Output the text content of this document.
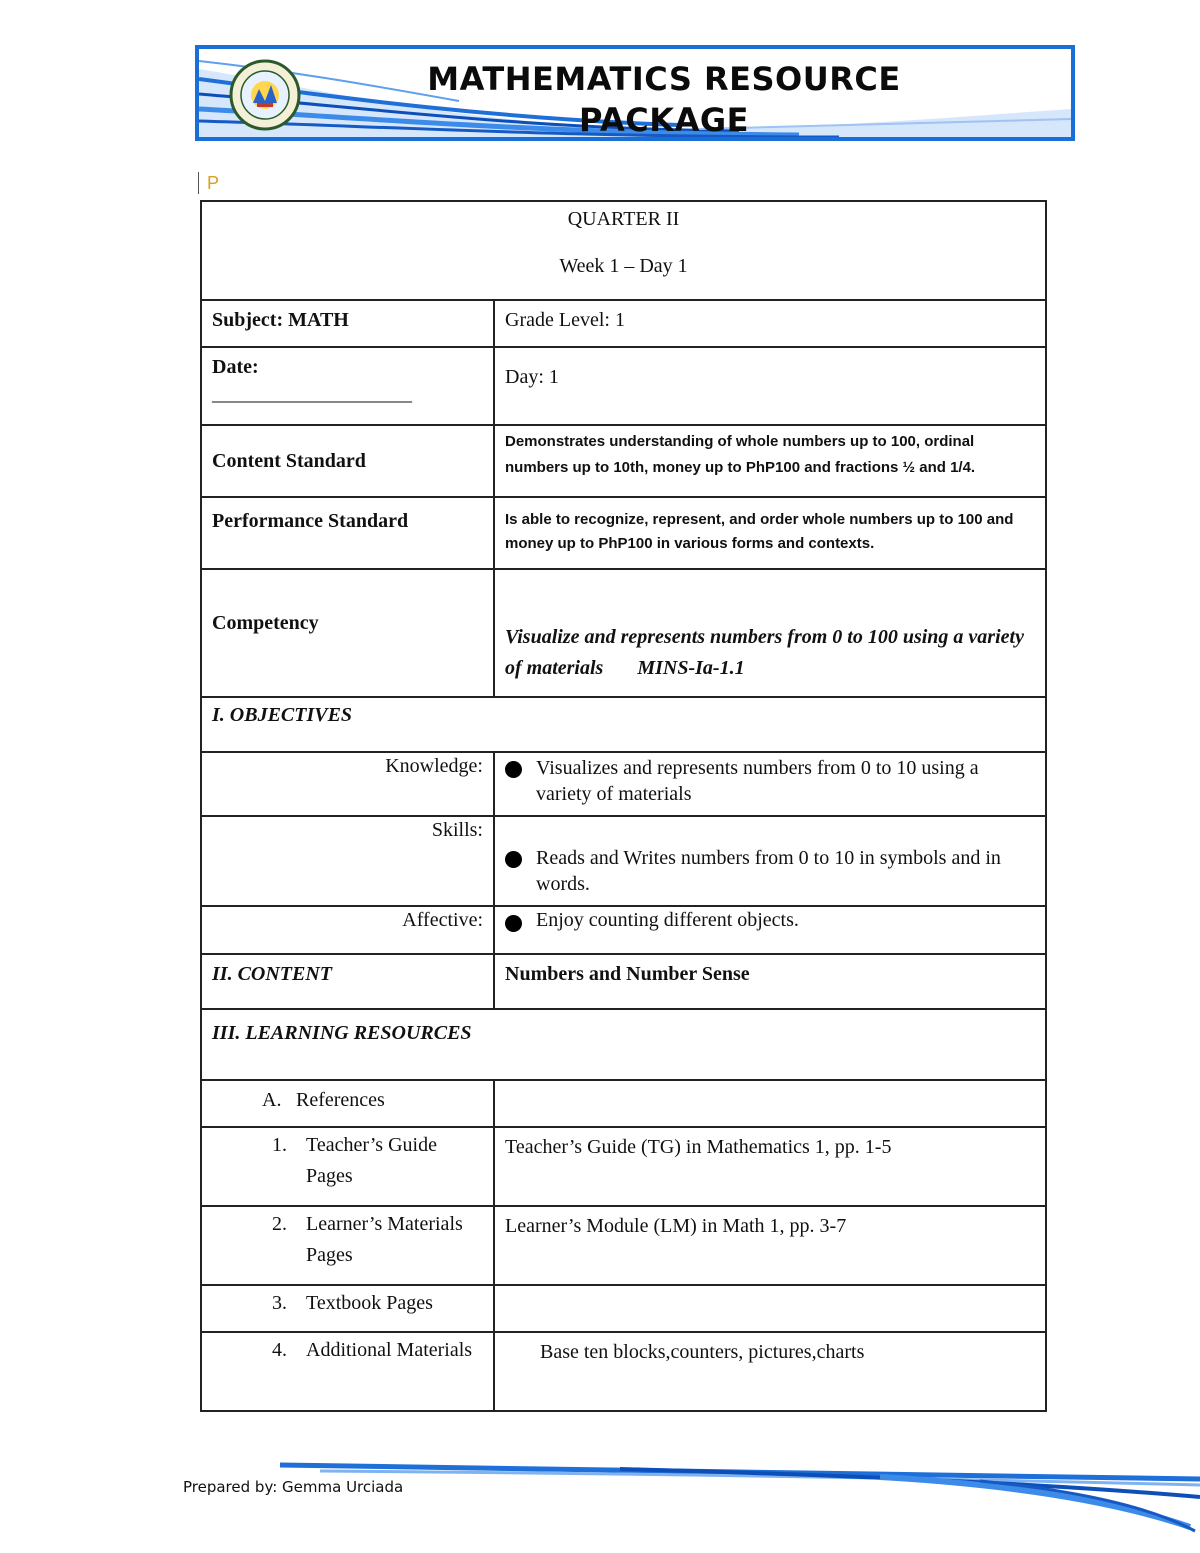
MATHEMATICS RESOURCE
PACKAGE
P
QUARTER II
Week 1 – Day 1	

Subject: MATH	Grade Level: 1

Date:
____________________	Day: 1

Content Standard	Demonstrates understanding of whole numbers up to 100, ordinal numbers up to 10th, money up to PhP100 and fractions ½ and 1/4.

Performance Standard	Is able to recognize, represent, and order whole numbers up to 100 and money up to PhP100 in various forms and contexts.

Competency	Visualize and represents numbers from 0 to 100 using a variety of materials MINS-Ia-1.1

I. OBJECTIVES	

Knowledge:	Visualizes and represents numbers from 0 to 10 using a variety of materials

Skills:	Reads and Writes numbers from 0 to 10 in symbols and in words.

Affective:	Enjoy counting different objects.

II. CONTENT	Numbers and Number Sense

III. LEARNING RESOURCES	

A. References	

1. Teacher’s Guide Pages	Teacher’s Guide (TG) in Mathematics 1, pp. 1-5

2. Learner’s Materials Pages	Learner’s Module (LM) in Math 1, pp. 3-7

3. Textbook Pages	

4. Additional Materials	Base ten blocks,counters, pictures,charts
Prepared by: Gemma Urciada
